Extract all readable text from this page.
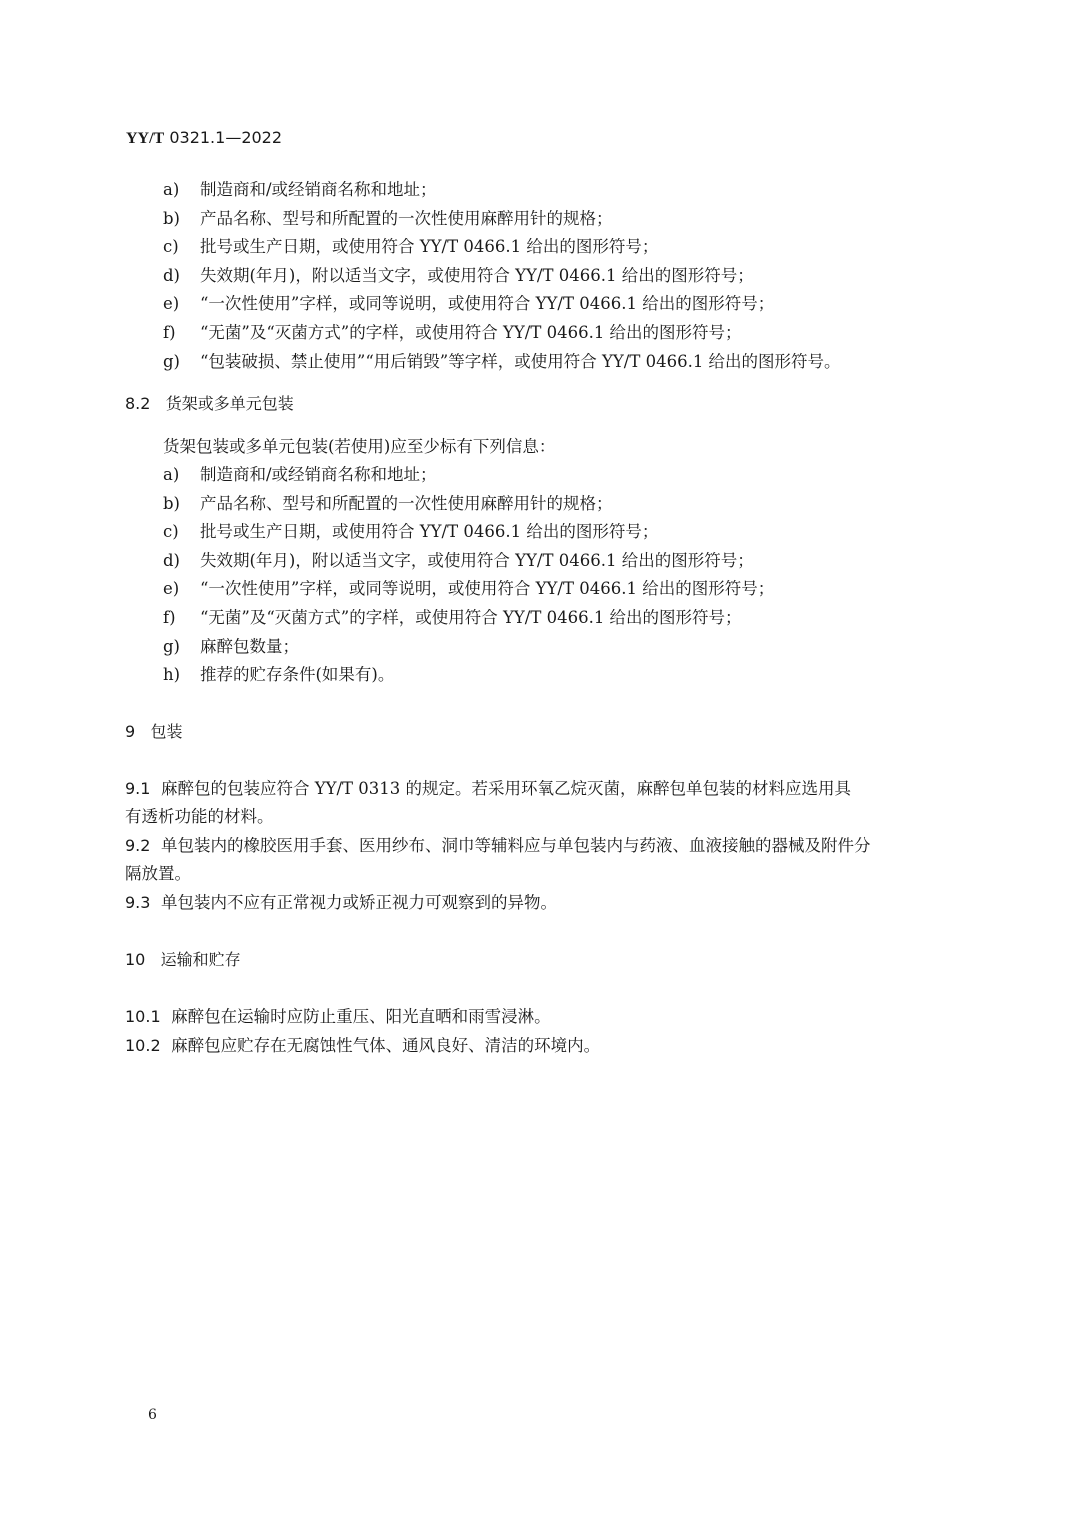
YY/T 0321.1—2022
a) 制造商和/或经销商名称和地址；
b) 产品名称、型号和所配置的一次性使用麻醉用针的规格；
c) 批号或生产日期，或使用符合 YY/T 0466.1 给出的图形符号；
d) 失效期(年月)，附以适当文字，或使用符合 YY/T 0466.1 给出的图形符号；
e) “一次性使用”字样，或同等说明，或使用符合 YY/T 0466.1 给出的图形符号；
f) “无菌”及“灭菌方式”的字样，或使用符合 YY/T 0466.1 给出的图形符号；
g) “包装破损、禁止使用”“用后销毁”等字样，或使用符合 YY/T 0466.1 给出的图形符号。
8.2 货架或多单元包装
货架包装或多单元包装(若使用)应至少标有下列信息：
a) 制造商和/或经销商名称和地址；
b) 产品名称、型号和所配置的一次性使用麻醉用针的规格；
c) 批号或生产日期，或使用符合 YY/T 0466.1 给出的图形符号；
d) 失效期(年月)，附以适当文字，或使用符合 YY/T 0466.1 给出的图形符号；
e) “一次性使用”字样，或同等说明，或使用符合 YY/T 0466.1 给出的图形符号；
f) “无菌”及“灭菌方式”的字样，或使用符合 YY/T 0466.1 给出的图形符号；
g) 麻醉包数量；
h) 推荐的贮存条件(如果有)。
9 包装
9.1 麻醉包的包装应符合 YY/T 0313 的规定。若采用环氧乙烷灭菌，麻醉包单包装的材料应选用具
有透析功能的材料。
9.2 单包装内的橡胶医用手套、医用纱布、洞巾等辅料应与单包装内与药液、血液接触的器械及附件分
隔放置。
9.3 单包装内不应有正常视力或矫正视力可观察到的异物。
10 运输和贮存
10.1 麻醉包在运输时应防止重压、阳光直晒和雨雪浸淋。
10.2 麻醉包应贮存在无腐蚀性气体、通风良好、清洁的环境内。
6
